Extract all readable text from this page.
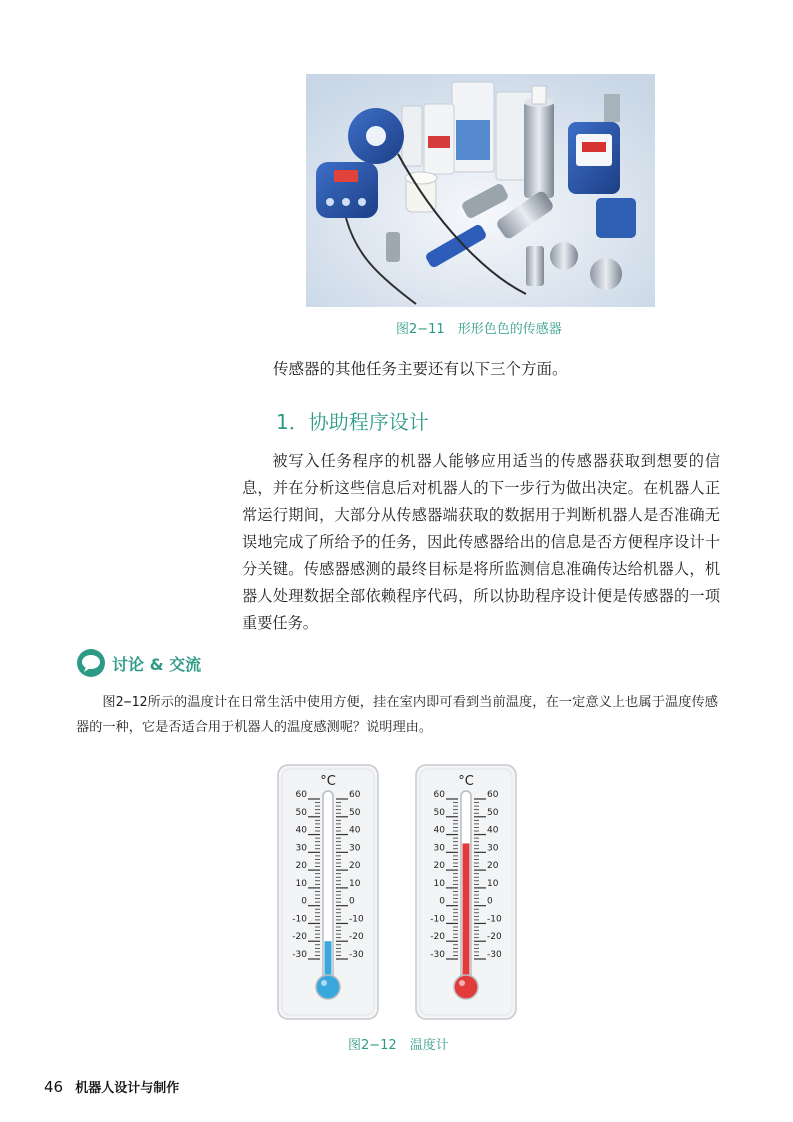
图2−11　形形色色的传感器
传感器的其他任务主要还有以下三个方面。
1．协助程序设计

被写入任务程序的机器人能够应用适当的传感器获取到想要的信息，并在分析这些信息后对机器人的下一步行为做出决定。在机器人正常运行期间，大部分从传感器端获取的数据用于判断机器人是否准确无误地完成了所给予的任务，因此传感器给出的信息是否方便程序设计十分关键。传感器感测的最终目标是将所监测信息准确传达给机器人，机器人处理数据全部依赖程序代码，所以协助程序设计便是传感器的一项重要任务。

讨论 & 交流

图2−12所示的温度计在日常生活中使用方便，挂在室内即可看到当前温度，在一定意义上也属于温度传感器的一种，它是否适合用于机器人的温度感测呢？说明理由。

°C
60	60
50	50
40	40
30	30
20	20
10	10
0	0
-10	-10
-20	-20
-30	-30
°C
60	60
50	50
40	40
30	30
20	20
10	10
0	0
-10	-10
-20	-20
-30	-30
图2−12　温度计
46 机器人设计与制作
